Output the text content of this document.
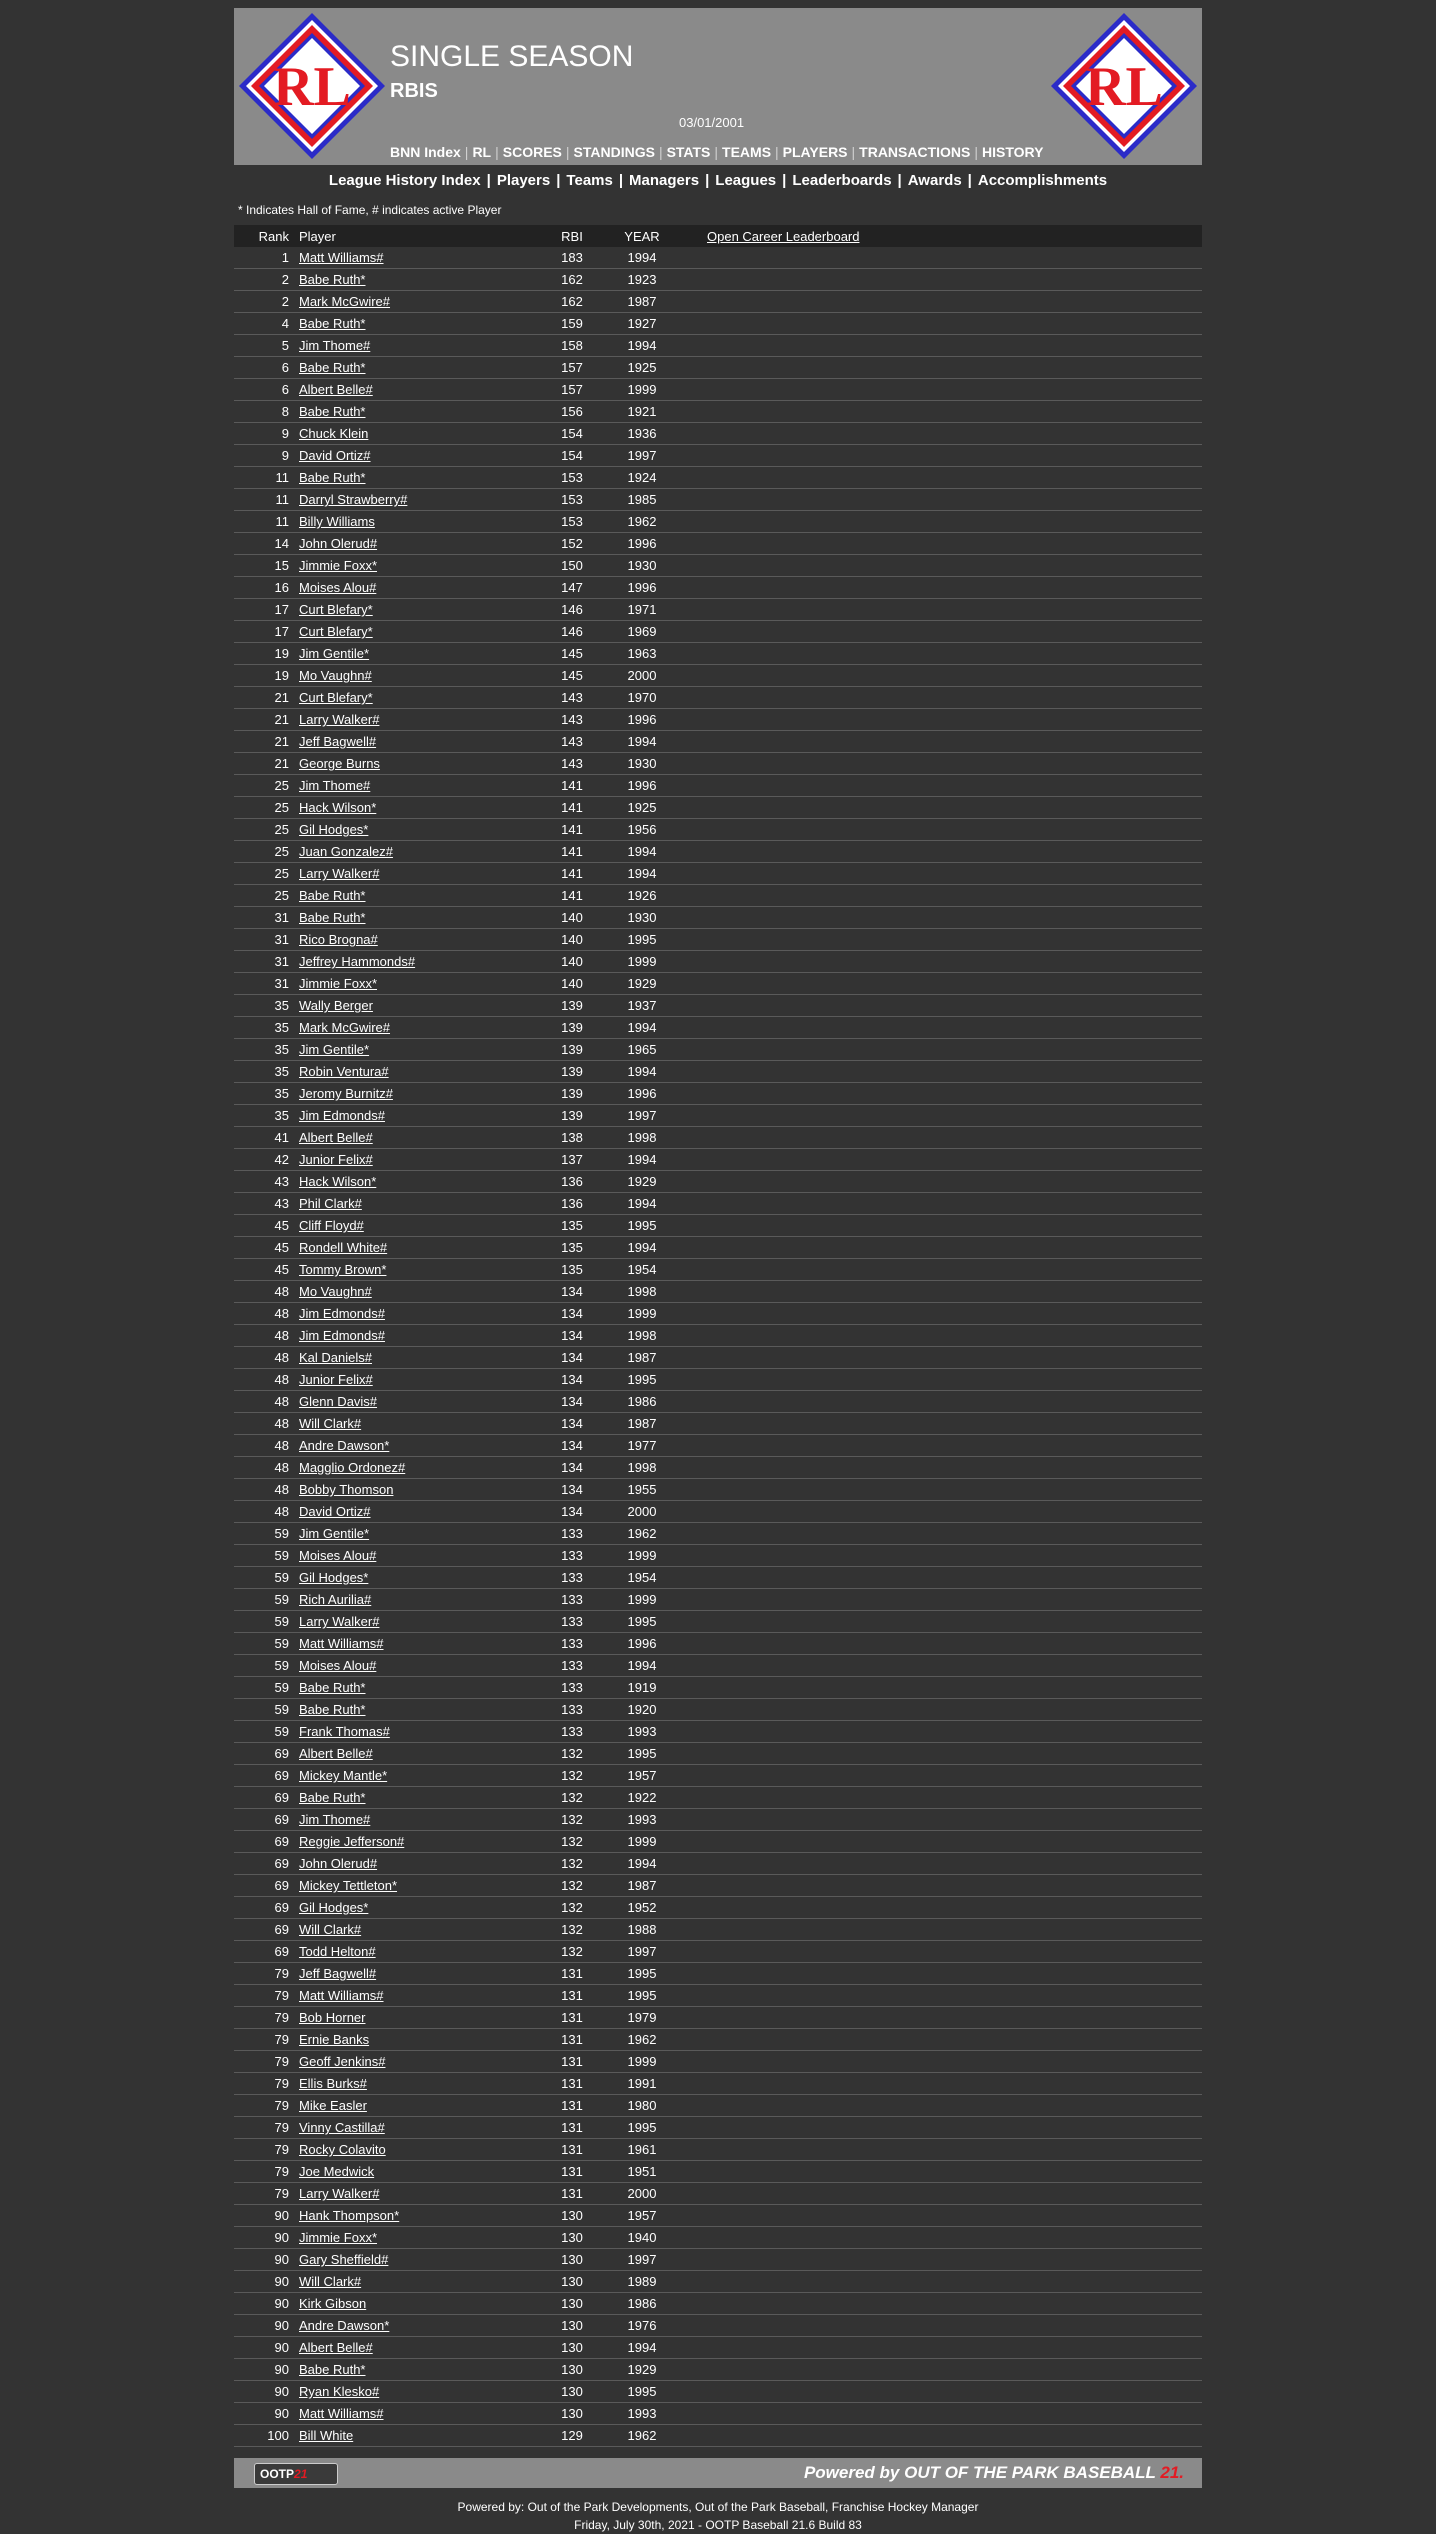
RL SINGLE SEASON
RBIS
03/01/2001
BNN Index | RL | SCORES | STANDINGS | STATS | TEAMS | PLAYERS | TRANSACTIONS | HISTORY
RL
League History Index | Players | Teams | Managers | Leagues | Leaderboards | Awards | Accomplishments
* Indicates Hall of Fame, # indicates active Player
Rank	Player	RBI	YEAR	Open Career Leaderboard
1	Matt Williams#	183	1994	
2	Babe Ruth*	162	1923	
2	Mark McGwire#	162	1987	
4	Babe Ruth*	159	1927	
5	Jim Thome#	158	1994	
6	Babe Ruth*	157	1925	
6	Albert Belle#	157	1999	
8	Babe Ruth*	156	1921	
9	Chuck Klein	154	1936	
9	David Ortiz#	154	1997	
11	Babe Ruth*	153	1924	
11	Darryl Strawberry#	153	1985	
11	Billy Williams	153	1962	
14	John Olerud#	152	1996	
15	Jimmie Foxx*	150	1930	
16	Moises Alou#	147	1996	
17	Curt Blefary*	146	1971	
17	Curt Blefary*	146	1969	
19	Jim Gentile*	145	1963	
19	Mo Vaughn#	145	2000	
21	Curt Blefary*	143	1970	
21	Larry Walker#	143	1996	
21	Jeff Bagwell#	143	1994	
21	George Burns	143	1930	
25	Jim Thome#	141	1996	
25	Hack Wilson*	141	1925	
25	Gil Hodges*	141	1956	
25	Juan Gonzalez#	141	1994	
25	Larry Walker#	141	1994	
25	Babe Ruth*	141	1926	
31	Babe Ruth*	140	1930	
31	Rico Brogna#	140	1995	
31	Jeffrey Hammonds#	140	1999	
31	Jimmie Foxx*	140	1929	
35	Wally Berger	139	1937	
35	Mark McGwire#	139	1994	
35	Jim Gentile*	139	1965	
35	Robin Ventura#	139	1994	
35	Jeromy Burnitz#	139	1996	
35	Jim Edmonds#	139	1997	
41	Albert Belle#	138	1998	
42	Junior Felix#	137	1994	
43	Hack Wilson*	136	1929	
43	Phil Clark#	136	1994	
45	Cliff Floyd#	135	1995	
45	Rondell White#	135	1994	
45	Tommy Brown*	135	1954	
48	Mo Vaughn#	134	1998	
48	Jim Edmonds#	134	1999	
48	Jim Edmonds#	134	1998	
48	Kal Daniels#	134	1987	
48	Junior Felix#	134	1995	
48	Glenn Davis#	134	1986	
48	Will Clark#	134	1987	
48	Andre Dawson*	134	1977	
48	Magglio Ordonez#	134	1998	
48	Bobby Thomson	134	1955	
48	David Ortiz#	134	2000	
59	Jim Gentile*	133	1962	
59	Moises Alou#	133	1999	
59	Gil Hodges*	133	1954	
59	Rich Aurilia#	133	1999	
59	Larry Walker#	133	1995	
59	Matt Williams#	133	1996	
59	Moises Alou#	133	1994	
59	Babe Ruth*	133	1919	
59	Babe Ruth*	133	1920	
59	Frank Thomas#	133	1993	
69	Albert Belle#	132	1995	
69	Mickey Mantle*	132	1957	
69	Babe Ruth*	132	1922	
69	Jim Thome#	132	1993	
69	Reggie Jefferson#	132	1999	
69	John Olerud#	132	1994	
69	Mickey Tettleton*	132	1987	
69	Gil Hodges*	132	1952	
69	Will Clark#	132	1988	
69	Todd Helton#	132	1997	
79	Jeff Bagwell#	131	1995	
79	Matt Williams#	131	1995	
79	Bob Horner	131	1979	
79	Ernie Banks	131	1962	
79	Geoff Jenkins#	131	1999	
79	Ellis Burks#	131	1991	
79	Mike Easler	131	1980	
79	Vinny Castilla#	131	1995	
79	Rocky Colavito	131	1961	
79	Joe Medwick	131	1951	
79	Larry Walker#	131	2000	
90	Hank Thompson*	130	1957	
90	Jimmie Foxx*	130	1940	
90	Gary Sheffield#	130	1997	
90	Will Clark#	130	1989	
90	Kirk Gibson	130	1986	
90	Andre Dawson*	130	1976	
90	Albert Belle#	130	1994	
90	Babe Ruth*	130	1929	
90	Ryan Klesko#	130	1995	
90	Matt Williams#	130	1993	
100	Bill White	129	1962	
OOTP21	Powered by OUT OF THE PARK BASEBALL 21.
Powered by: Out of the Park Developments, Out of the Park Baseball, Franchise Hockey Manager
Friday, July 30th, 2021 - OOTP Baseball 21.6 Build 83
